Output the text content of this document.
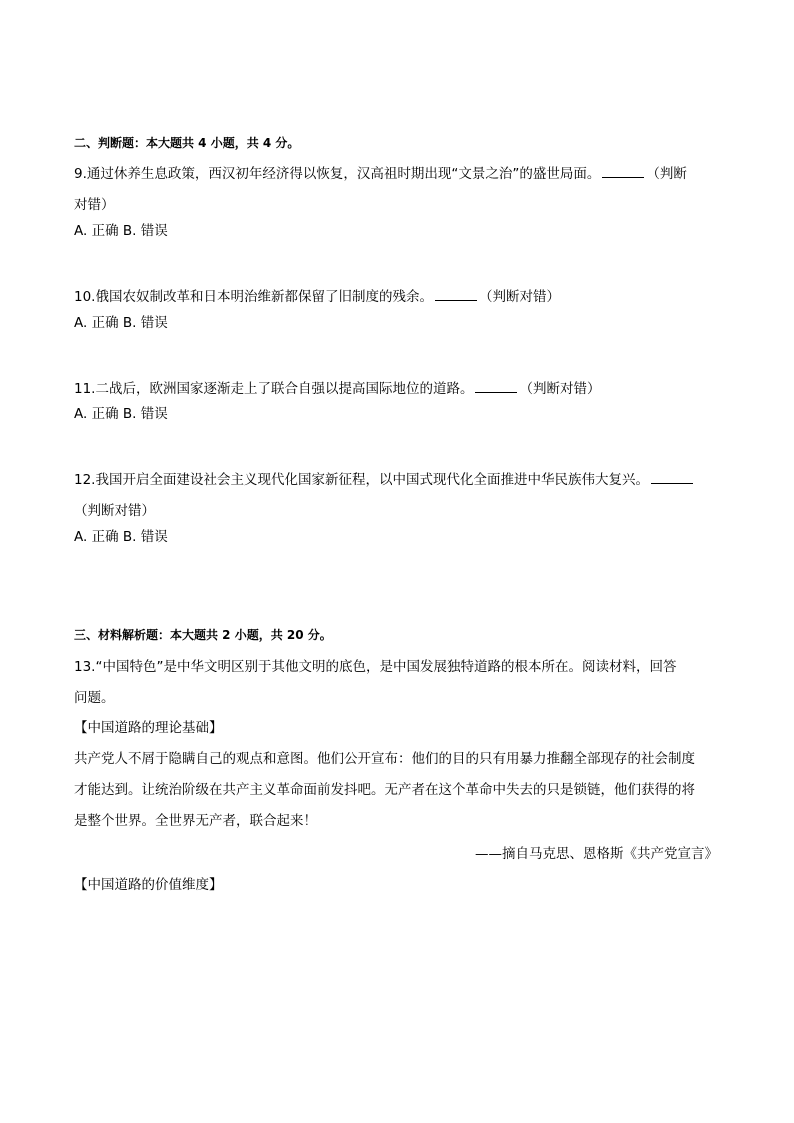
二、判断题：本大题共 4 小题，共 4 分。
9.通过休养生息政策，西汉初年经济得以恢复，汉高祖时期出现“文景之治”的盛世局面。	（判断
对错）
A. 正确 B. 错误
10.俄国农奴制改革和日本明治维新都保留了旧制度的残余。	（判断对错）
A. 正确 B. 错误
11.二战后，欧洲国家逐渐走上了联合自强以提高国际地位的道路。	（判断对错）
A. 正确 B. 错误
12.我国开启全面建设社会主义现代化国家新征程，以中国式现代化全面推进中华民族伟大复兴。
（判断对错）
A. 正确 B. 错误
三、材料解析题：本大题共 2 小题，共 20 分。
13.“中国特色”是中华文明区别于其他文明的底色，是中国发展独特道路的根本所在。阅读材料，回答
问题。
【中国道路的理论基础】
共产党人不屑于隐瞒自己的观点和意图。他们公开宣布：他们的目的只有用暴力推翻全部现存的社会制度
才能达到。让统治阶级在共产主义革命面前发抖吧。无产者在这个革命中失去的只是锁链，他们获得的将
是整个世界。全世界无产者，联合起来！
——摘自马克思、恩格斯《共产党宣言》
【中国道路的价值维度】
